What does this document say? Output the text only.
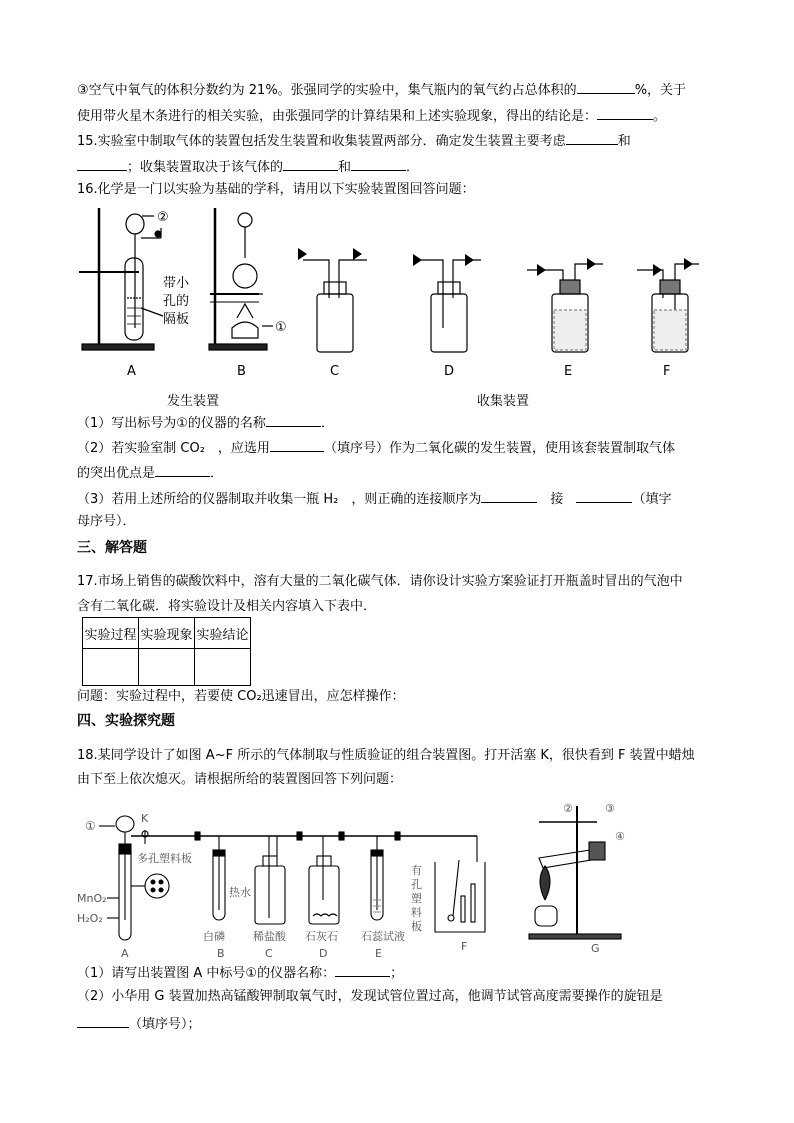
③空气中氧气的体积分数约为 21%。张强同学的实验中，集气瓶内的氧气约占总体积的	%，关于
使用带火星木条进行的相关实验，由张强同学的计算结果和上述实验现象，得出的结论是：	。
15.实验室中制取气体的装置包括发生装置和收集装置两部分．确定发生装置主要考虑	和
；收集装置取决于该气体的	和	．
16.化学是一门以实验为基础的学科，请用以下实验装置图回答问题：
②
带小
孔的
隔板
A
①
B	C	D	E	F
发生装置	收集装置
（1）写出标号为①的仪器的名称	．
（2）若实验室制 CO₂　，应选用	（填序号）作为二氧化碳的发生装置，使用该套装置制取气体
的突出优点是	．
（3）若用上述所给的仪器制取并收集一瓶 H₂　，则正确的连接顺序为　	接　	（填字
母序号）．
三、解答题
17.市场上销售的碳酸饮料中，溶有大量的二氧化碳气体．请你设计实验方案验证打开瓶盖时冒出的气泡中
含有二氧化碳．将实验设计及相关内容填入下表中．
实验过程	实验现象	实验结论

问题：实验过程中，若要使 CO₂迅速冒出，应怎样操作：
四、实验探究题
18.某同学设计了如图 A~F 所示的气体制取与性质验证的组合装置图。打开活塞 K，很快看到 F 装置中蜡烛
由下至上依次熄灭。请根据所给的装置图回答下列问题：
①
K
多孔塑料板
MnO₂
H₂O₂
A
热水
白磷
B
稀盐酸
C
石灰石
D
石蕊试液
E
有
孔
塑
料
板
F
②	③
④
G
（1）请写出装置图 A 中标号①的仪器名称：	；
（2）小华用 G 装置加热高锰酸钾制取氧气时，发现试管位置过高，他调节试管高度需要操作的旋钮是
（填序号）；
